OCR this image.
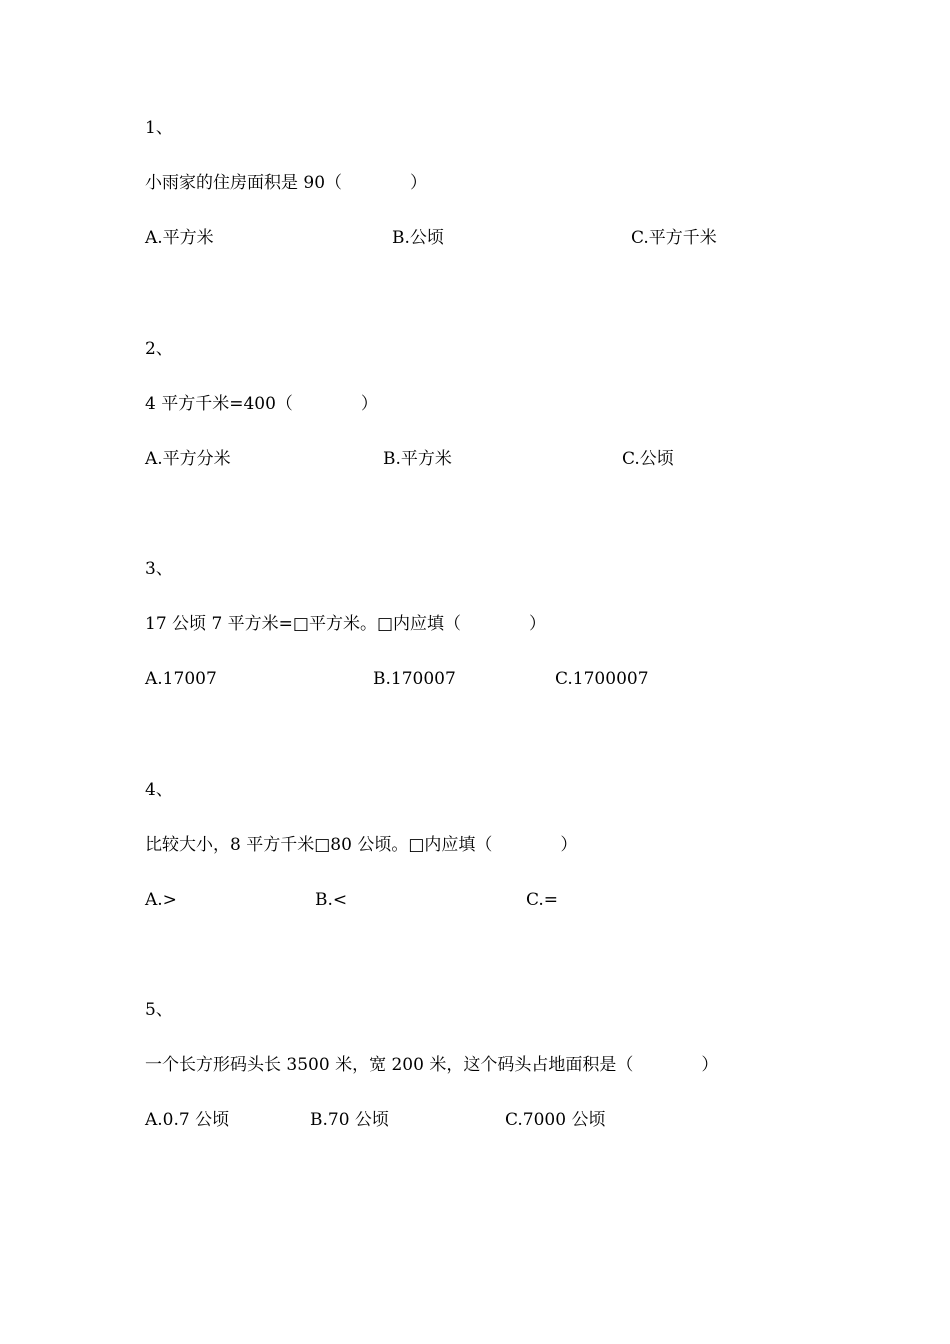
1、
小雨家的住房面积是 90（　　　　）
A.平方米	B.公顷	C.平方千米
2、
4 平方千米=400（　　　　）
A.平方分米	B.平方米	C.公顷
3、
17 公顷 7 平方米=□平方米。□内应填（　　　　）
A.17007	B.170007	C.1700007
4、
比较大小，8 平方千米□80 公顷。□内应填（　　　　）
A.>	B.<	C.=
5、
一个长方形码头长 3500 米，宽 200 米，这个码头占地面积是（　　　　）
A.0.7 公顷	B.70 公顷	C.7000 公顷
